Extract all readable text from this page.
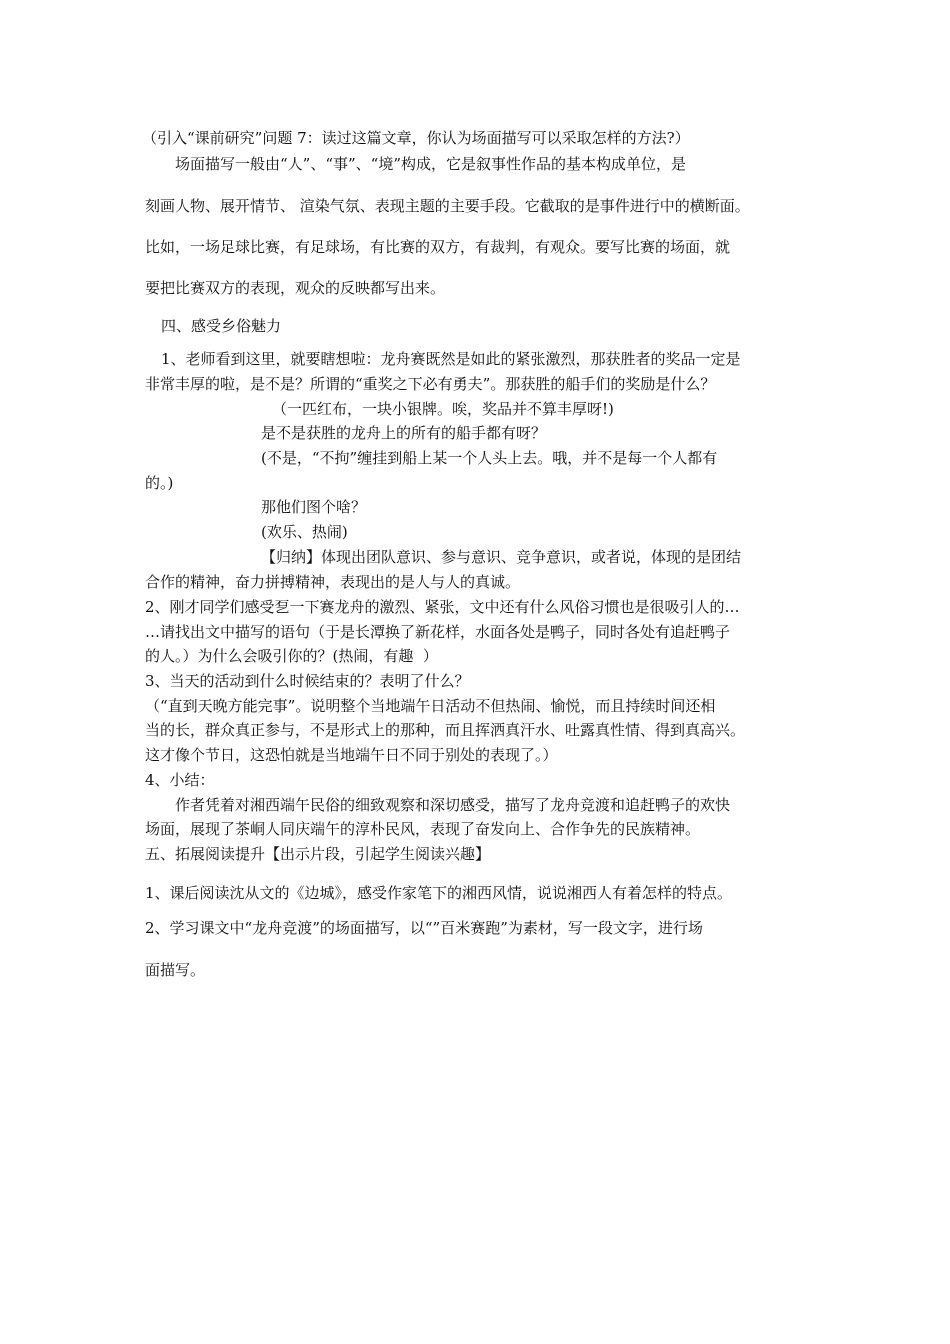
（引入“课前研究”问题 7：读过这篇文章，你认为场面描写可以采取怎样的方法?）
场面描写一般由“人”、“事”、“境”构成，它是叙事性作品的基本构成单位，是
刻画人物、展开情节、 渲染气氛、表现主题的主要手段。它截取的是事件进行中的横断面。
比如，一场足球比赛，有足球场，有比赛的双方，有裁判，有观众。要写比赛的场面，就
要把比赛双方的表现，观众的反映都写出来。
四、感受乡俗魅力
1、老师看到这里，就要瞎想啦：龙舟赛既然是如此的紧张激烈，那获胜者的奖品一定是
非常丰厚的啦，是不是？所谓的“重奖之下必有勇夫”。那获胜的船手们的奖励是什么？
（一匹红布，一块小银牌。唉，奖品并不算丰厚呀!)
是不是获胜的龙舟上的所有的船手都有呀？
(不是，“不拘”缠挂到船上某一个人头上去。哦，并不是每一个人都有
的。)
那他们图个啥？
(欢乐、热闹)
【归纳】体现出团队意识、参与意识、竞争意识，或者说，体现的是团结
合作的精神，奋力拼搏精神，表现出的是人与人的真诚。
2、刚才同学们感受乭一下赛龙舟的激烈、紧张，文中还有什么风俗习惯也是很吸引人的…
…请找出文中描写的语句（于是长潭换了新花样，水面各处是鸭子，同时各处有追赶鸭子
的人。）为什么会吸引你的？(热闹，有趣  ）
3、当天的活动到什么时候结束的？表明了什么？
（“直到天晚方能完事”。说明整个当地端午日活动不但热闹、愉悦，而且持续时间还相
当的长，群众真正参与，不是形式上的那种，而且挥洒真汗水、吐露真性情、得到真高兴。
这才像个节日，这恐怕就是当地端午日不同于别处的表现了。）
4、小结：
作者凭着对湘西端午民俗的细致观察和深切感受，描写了龙舟竞渡和追赶鸭子的欢快
场面，展现了茶峒人同庆端午的淳朴民风，表现了奋发向上、合作争先的民族精神。
五、拓展阅读提升【出示片段，引起学生阅读兴趣】
1、课后阅读沈从文的《边城》，感受作家笔下的湘西风情，说说湘西人有着怎样的特点。
2、学习课文中“龙舟竞渡”的场面描写，以“”百米赛跑”为素材，写一段文字，进行场
面描写。
